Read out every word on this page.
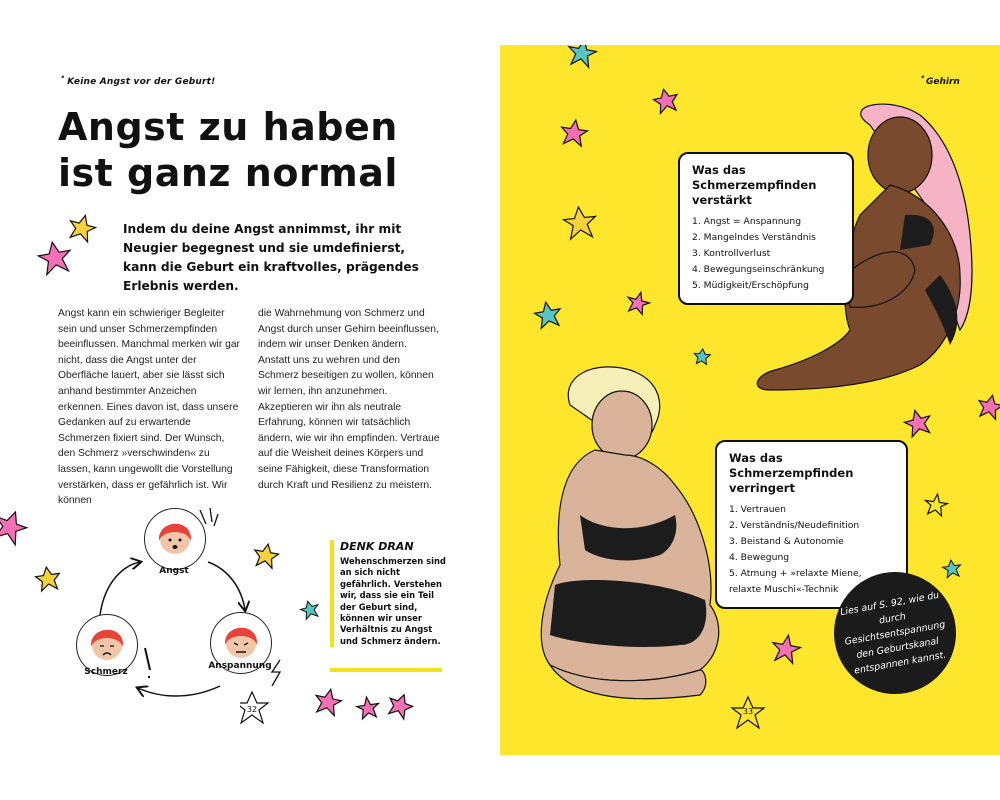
﹡Keine Angst vor der Geburt!
Angst zu haben
ist ganz normal
Indem du deine Angst annimmst, ihr mit Neugier begegnest und sie umdefinierst, kann die Geburt ein kraftvolles, prägendes Erlebnis werden.
Angst kann ein schwieriger Begleiter sein und unser Schmerzempfinden beeinflussen. Manchmal merken wir gar nicht, dass die Angst unter der Oberfläche lauert, aber sie lässt sich anhand bestimmter Anzeichen erkennen. Eines davon ist, dass unsere Gedanken auf zu erwartende Schmerzen fixiert sind. Der Wunsch, den Schmerz »verschwinden« zu lassen, kann ungewollt die Vorstellung verstärken, dass er gefährlich ist. Wir können
die Wahrnehmung von Schmerz und Angst durch unser Gehirn beeinflussen, indem wir unser Denken ändern. Anstatt uns zu wehren und den Schmerz beseitigen zu wollen, können wir lernen, ihn anzunehmen. Akzeptieren wir ihn als neutrale Erfahrung, können wir tatsächlich ändern, wie wir ihn empfinden. Vertraue auf die Weisheit deines Körpers und seine Fähigkeit, diese Transformation durch Kraft und Resilienz zu meistern.
Angst
Anspannung
Schmerz
32
DENK DRAN
Wehenschmerzen sind an sich nicht gefährlich. Verstehen wir, dass sie ein Teil der Geburt sind, können wir unser Verhältnis zu Angst und Schmerz ändern.
﹡Gehirn
Was das Schmerzempfinden verstärkt
1. Angst = Anspannung
2. Mangelndes Verständnis
3. Kontrollverlust
4. Bewegungseinschränkung
5. Müdigkeit/Erschöpfung
Was das Schmerzempfinden verringert
1. Vertrauen
2. Verständnis/Neudefinition
3. Beistand & Autonomie
4. Bewegung
5. Atmung + »relaxte Miene, relaxte Muschi«-Technik
Lies auf S. 92, wie du durch Gesichtsentspannung den Geburtskanal entspannen kannst.
33
